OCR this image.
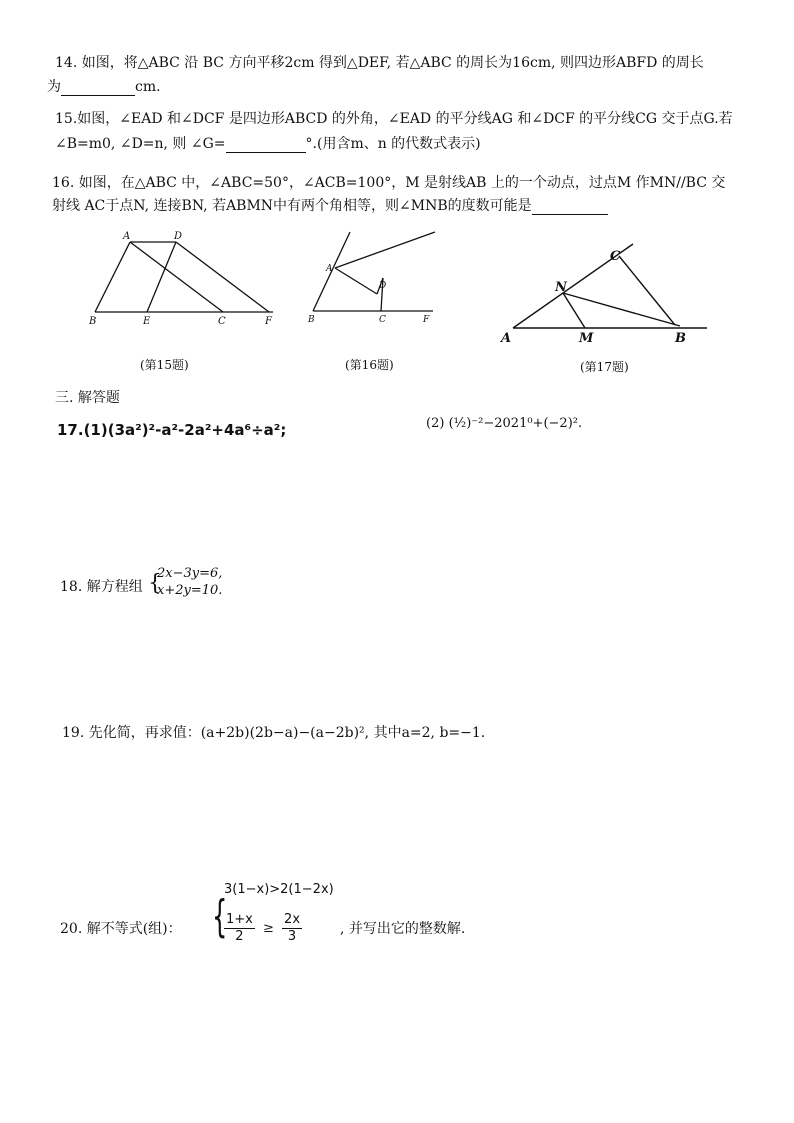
14. 如图，将△ABC 沿 BC 方向平移2cm 得到△DEF, 若△ABC 的周长为16cm, 则四边形ABFD 的周长
为	cm.
15.如图，∠EAD 和∠DCF 是四边形ABCD 的外角，∠EAD 的平分线AG 和∠DCF 的平分线CG 交于点G.若
∠B=m0, ∠D=n, 则 ∠G=	°.(用含m、n 的代数式表示)
16. 如图，在△ABC 中，∠ABC=50°，∠ACB=100°，M 是射线AB 上的一个动点，过点M 作MN//BC 交
射线 AC于点N, 连接BN, 若ABMN中有两个角相等，则∠MNB的度数可能是
A	D
B	E	C	F
(第15题)
A
D
B	C	F
(第16题)
C
N
A	M	B
(第17题)
三. 解答题
17.(1)(3a²)²-a²-2a²+4a⁶÷a²;	(2) (¹⁄₂)⁻²−2021⁰+(−2)².
18. 解方程组 {
2x−3y=6,
x+2y=10.
19. 先化简，再求值：(a+2b)(2b−a)−(a−2b)², 其中a=2, b=−1.
20. 解不等式(组)：
3(1−x)>2(1−2x)
{
$\frac{1+x}{2} \ge \frac{2x}{3}$	, 并写出它的整数解.
